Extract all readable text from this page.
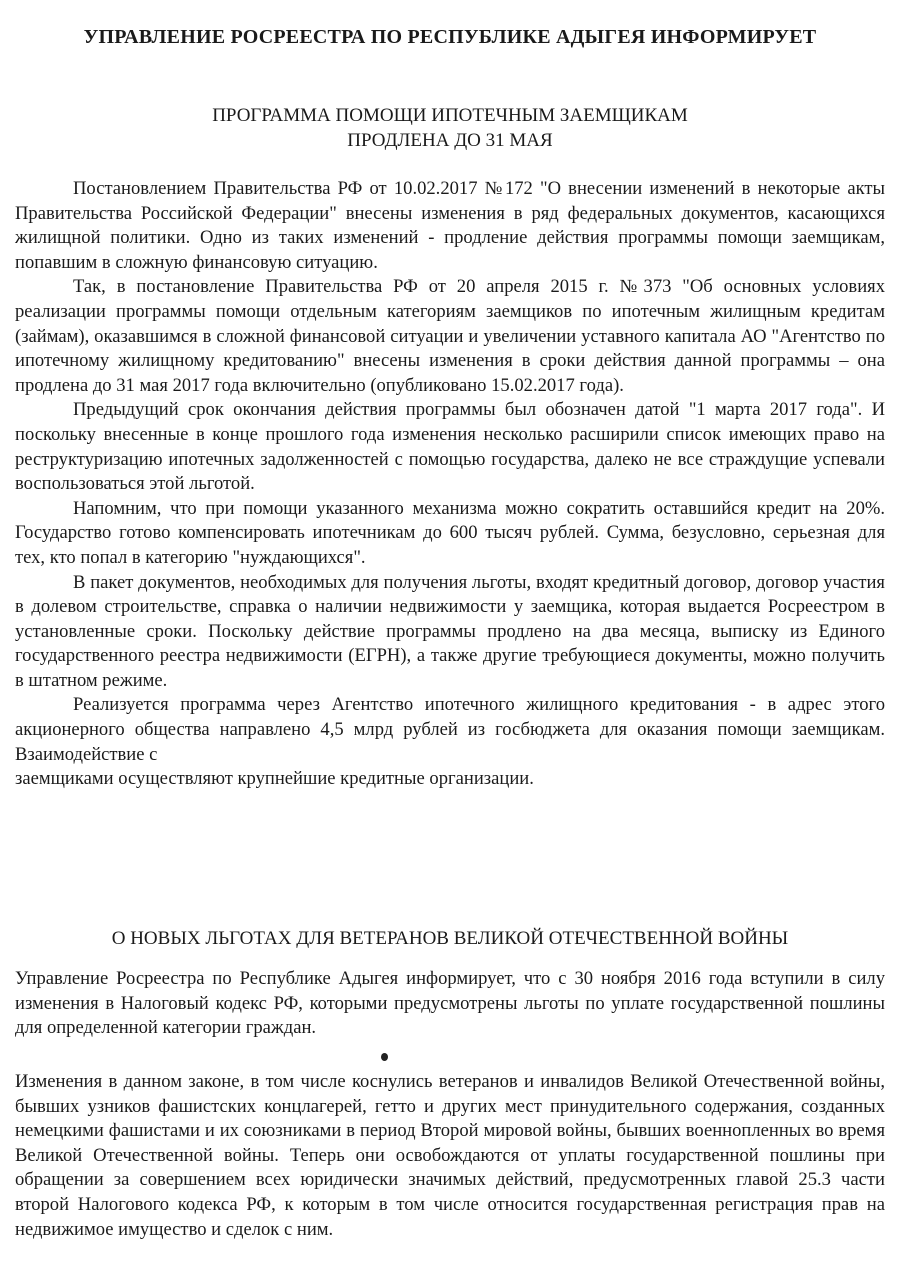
УПРАВЛЕНИЕ РОСРЕЕСТРА ПО РЕСПУБЛИКЕ АДЫГЕЯ ИНФОРМИРУЕТ
ПРОГРАММА ПОМОЩИ ИПОТЕЧНЫМ ЗАЕМЩИКАМ
ПРОДЛЕНА ДО 31 МАЯ

Постановлением Правительства РФ от 10.02.2017 №172 "О внесении изменений в некоторые акты Правительства Российской Федерации" внесены изменения в ряд федеральных документов, касающихся жилищной политики. Одно из таких изменений - продление действия программы помощи заемщикам, попавшим в сложную финансовую ситуацию.

Так, в постановление Правительства РФ от 20 апреля 2015 г. №373 "Об основных условиях реализации программы помощи отдельным категориям заемщиков по ипотечным жилищным кредитам (займам), оказавшимся в сложной финансовой ситуации и увеличении уставного капитала АО "Агентство по ипотечному жилищному кредитованию" внесены изменения в сроки действия данной программы – она продлена до 31 мая 2017 года включительно (опубликовано 15.02.2017 года).

Предыдущий срок окончания действия программы был обозначен датой "1 марта 2017 года". И поскольку внесенные в конце прошлого года изменения несколько расширили список имеющих право на реструктуризацию ипотечных задолженностей с помощью государства, далеко не все страждущие успевали воспользоваться этой льготой.

Напомним, что при помощи указанного механизма можно сократить оставшийся кредит на 20%. Государство готово компенсировать ипотечникам до 600 тысяч рублей. Сумма, безусловно, серьезная для тех, кто попал в категорию "нуждающихся".

В пакет документов, необходимых для получения льготы, входят кредитный договор, договор участия в долевом строительстве, справка о наличии недвижимости у заемщика, которая выдается Росреестром в установленные сроки. Поскольку действие программы продлено на два месяца, выписку из Единого государственного реестра недвижимости (ЕГРН), а также другие требующиеся документы, можно получить в штатном режиме.

Реализуется программа через Агентство ипотечного жилищного кредитования - в адрес этого акционерного общества направлено 4,5 млрд рублей из госбюджета для оказания помощи заемщикам. Взаимодействие с

заемщиками осуществляют крупнейшие кредитные организации.

О НОВЫХ ЛЬГОТАХ ДЛЯ ВЕТЕРАНОВ ВЕЛИКОЙ ОТЕЧЕСТВЕННОЙ ВОЙНЫ

Управление Росреестра по Республике Адыгея информирует, что с 30 ноября 2016 года вступили в силу изменения в Налоговый кодекс РФ, которыми предусмотрены льготы по уплате государственной пошлины для определенной категории граждан.

Изменения в данном законе, в том числе коснулись ветеранов и инвалидов Великой Отечественной войны, бывших узников фашистских концлагерей, гетто и других мест принудительного содержания, созданных немецкими фашистами и их союзниками в период Второй мировой войны, бывших военнопленных во время Великой Отечественной войны. Теперь они освобождаются от уплаты государственной пошлины при обращении за совершением всех юридически значимых действий, предусмотренных главой 25.3 части второй Налогового кодекса РФ, к которым в том числе относится государственная регистрация прав на недвижимое имущество и сделок с ним.
